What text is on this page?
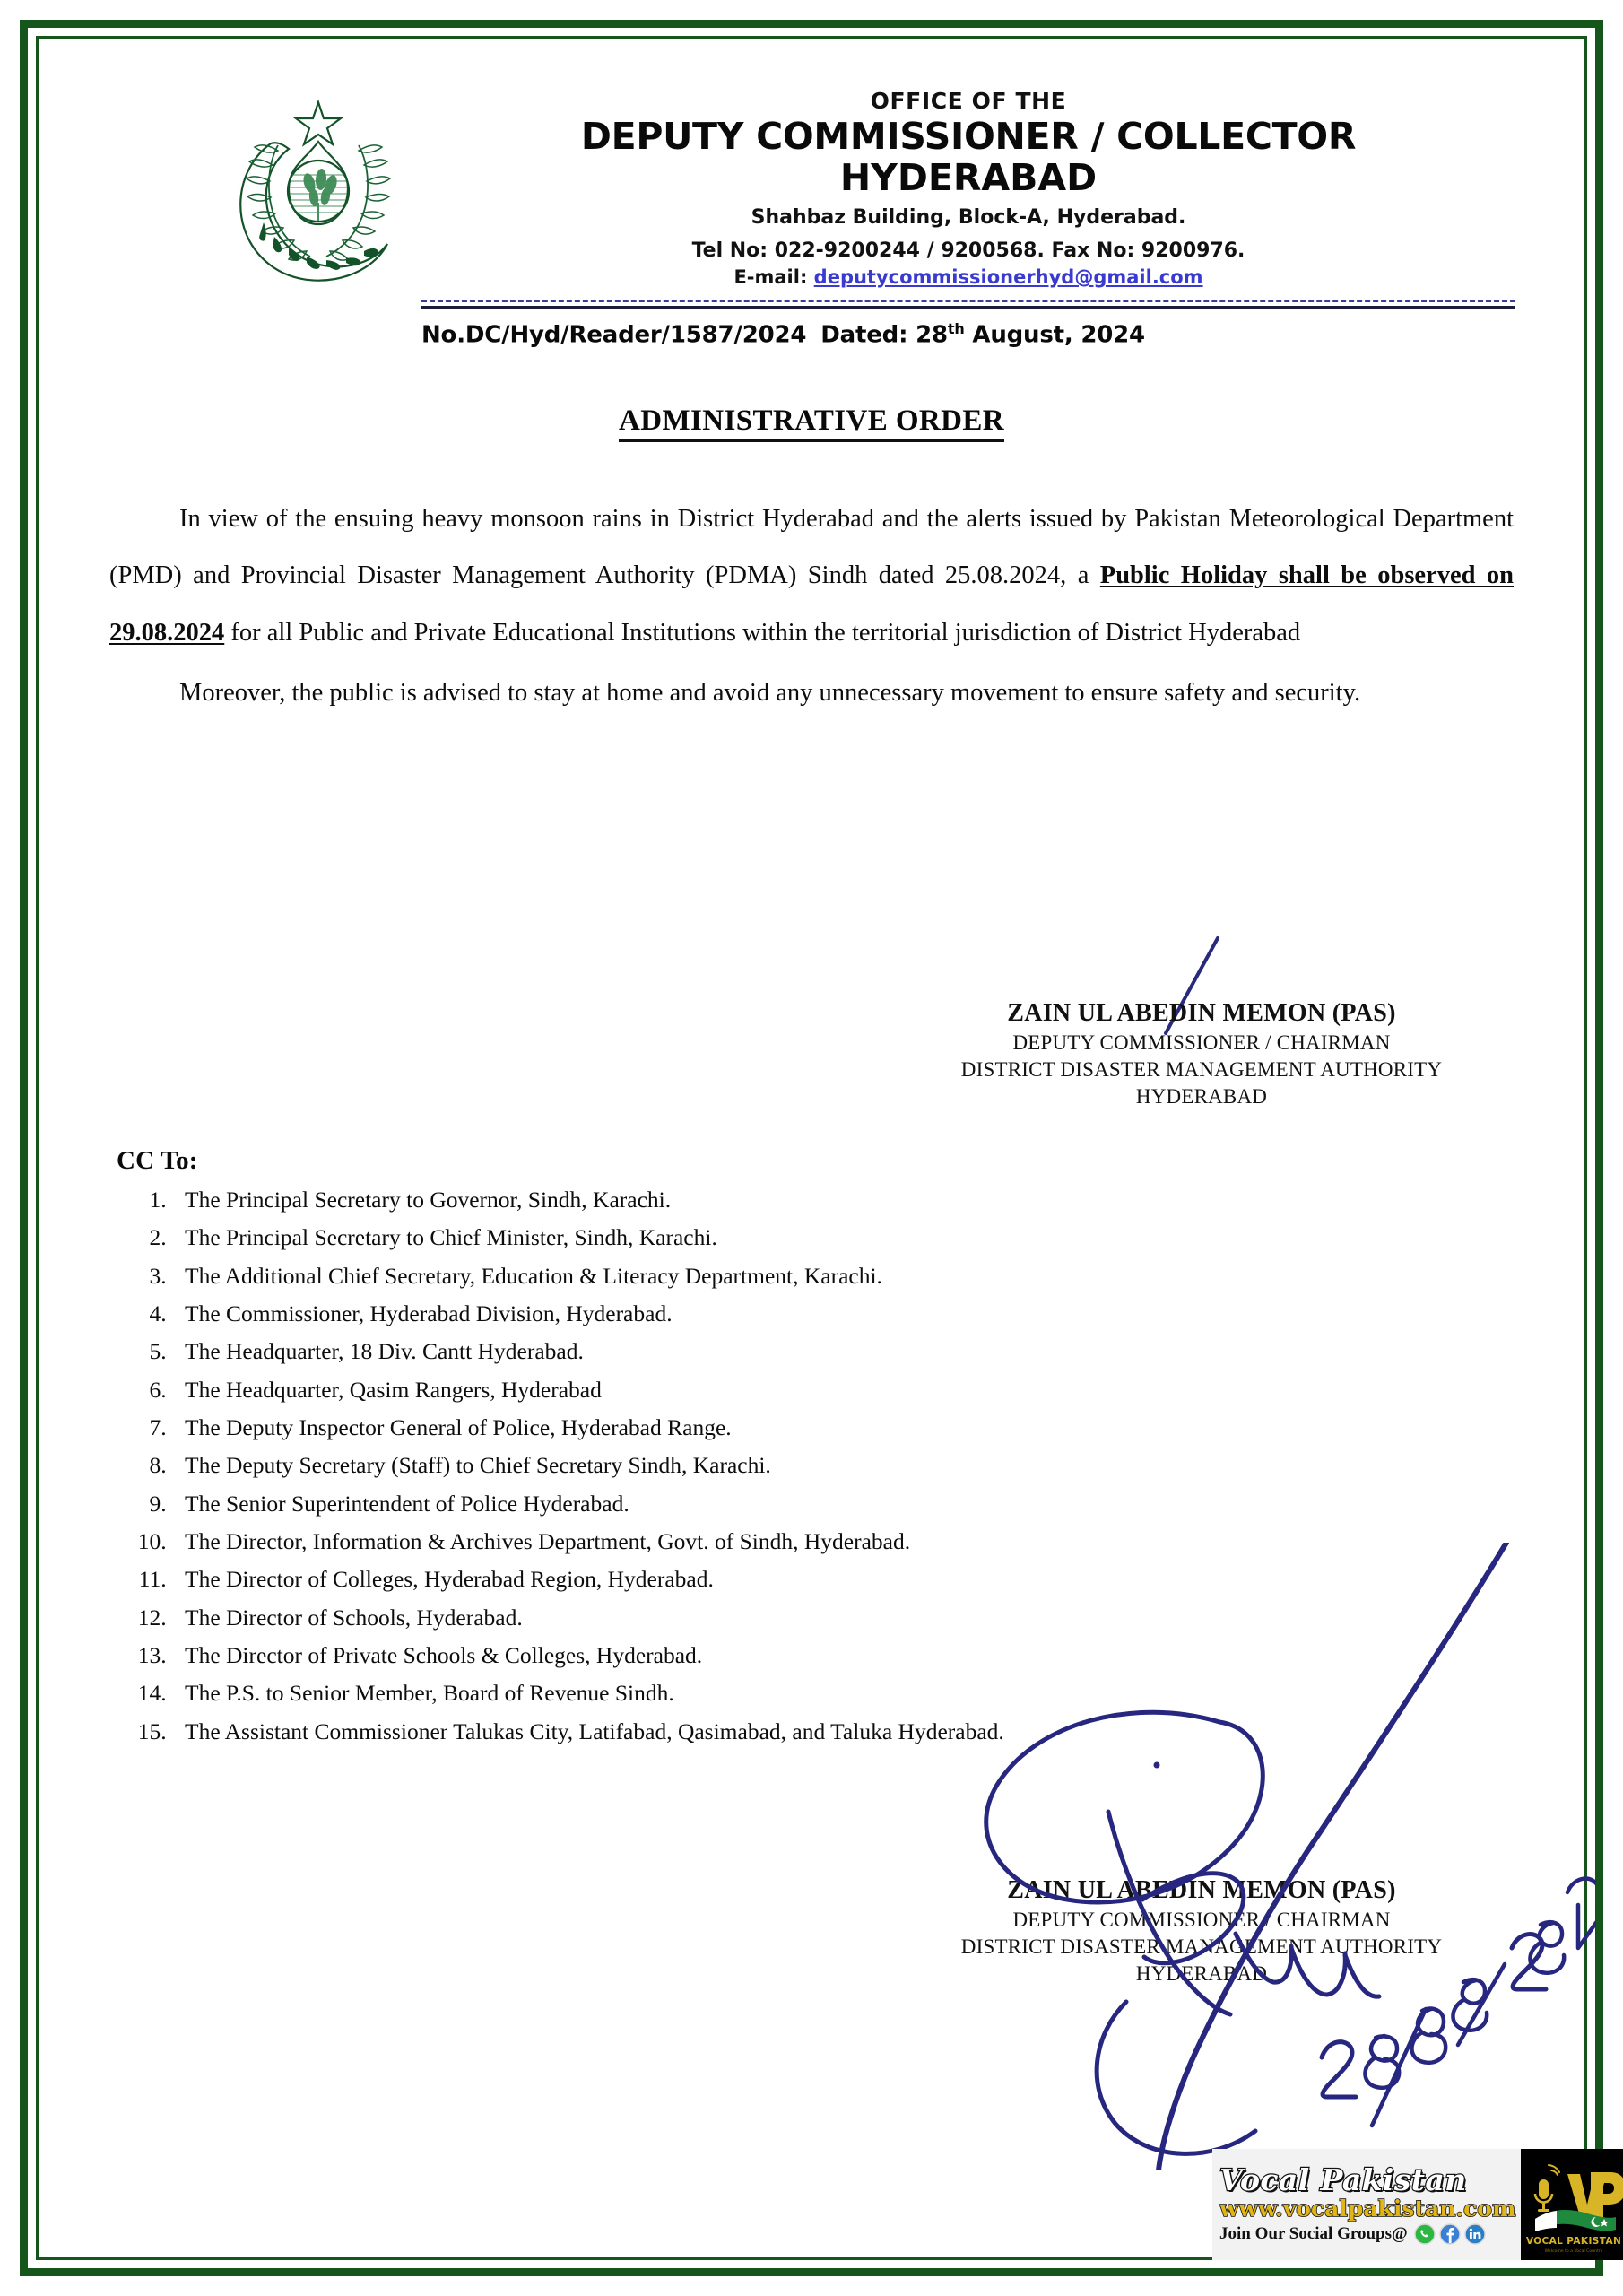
OFFICE OF THE
DEPUTY COMMISSIONER / COLLECTOR
HYDERABAD
Shahbaz Building, Block-A, Hyderabad.
Tel No: 022-9200244 / 9200568. Fax No: 9200976.
E-mail: deputycommissionerhyd@gmail.com
No.DC/Hyd/Reader/1587/2024 Dated: 28th August, 2024
ADMINISTRATIVE ORDER

In view of the ensuing heavy monsoon rains in District Hyderabad and the alerts issued by Pakistan Meteorological Department (PMD) and Provincial Disaster Management Authority (PDMA) Sindh dated 25.08.2024, a Public Holiday shall be observed on 29.08.2024 for all Public and Private Educational Institutions within the territorial jurisdiction of District Hyderabad

Moreover, the public is advised to stay at home and avoid any unnecessary movement to ensure safety and security.

ZAIN UL ABEDIN MEMON (PAS)
DEPUTY COMMISSIONER / CHAIRMAN
DISTRICT DISASTER MANAGEMENT AUTHORITY
HYDERABAD
CC To:
1. The Principal Secretary to Governor, Sindh, Karachi.
2. The Principal Secretary to Chief Minister, Sindh, Karachi.
3. The Additional Chief Secretary, Education & Literacy Department, Karachi.
4. The Commissioner, Hyderabad Division, Hyderabad.
5. The Headquarter, 18 Div. Cantt Hyderabad.
6. The Headquarter, Qasim Rangers, Hyderabad
7. The Deputy Inspector General of Police, Hyderabad Range.
8. The Deputy Secretary (Staff) to Chief Secretary Sindh, Karachi.
9. The Senior Superintendent of Police Hyderabad.
10. The Director, Information & Archives Department, Govt. of Sindh, Hyderabad.
11. The Director of Colleges, Hyderabad Region, Hyderabad.
12. The Director of Schools, Hyderabad.
13. The Director of Private Schools & Colleges, Hyderabad.
14. The P.S. to Senior Member, Board of Revenue Sindh.
15. The Assistant Commissioner Talukas City, Latifabad, Qasimabad, and Taluka Hyderabad.
ZAIN UL ABEDIN MEMON (PAS)
DEPUTY COMMISSIONER / CHAIRMAN
DISTRICT DISASTER MANAGEMENT AUTHORITY
HYDERABAD
Vocal Pakistan
www.vocalpakistan.com
Join Our Social Groups@	VOCAL PAKISTAN
Welcome to a Vocal Country
